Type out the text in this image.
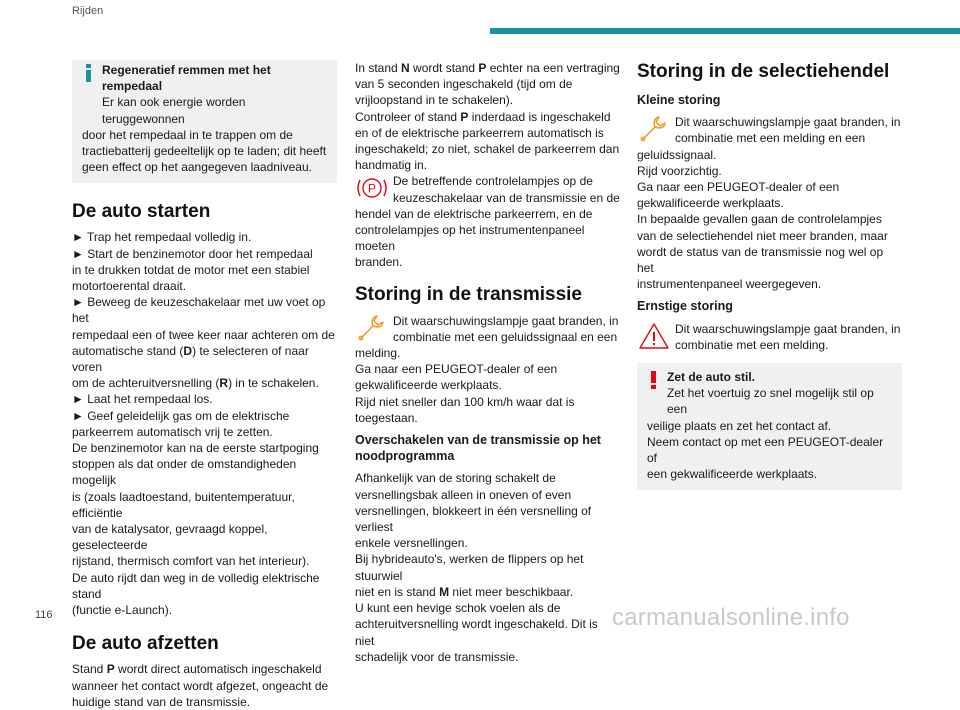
Rijden

Regeneratief remmen met het rempedaal

Er kan ook energie worden teruggewonnen

door het rempedaal in te trappen om de

tractiebatterij gedeeltelijk op te laden; dit heeft

geen effect op het aangegeven laadniveau.

De auto starten

► Trap het rempedaal volledig in.

► Start de benzinemotor door het rempedaal

in te drukken totdat de motor met een stabiel

motortoerental draait.

► Beweeg de keuzeschakelaar met uw voet op het

rempedaal een of twee keer naar achteren om de

automatische stand (D) te selecteren of naar voren

om de achteruitversnelling (R) in te schakelen.

► Laat het rempedaal los.

► Geef geleidelijk gas om de elektrische

parkeerrem automatisch vrij te zetten.

De benzinemotor kan na de eerste startpoging

stoppen als dat onder de omstandigheden mogelijk

is (zoals laadtoestand, buitentemperatuur, efficiëntie

van de katalysator, gevraagd koppel, geselecteerde

rijstand, thermisch comfort van het interieur).

De auto rijdt dan weg in de volledig elektrische stand

(functie e-Launch).

De auto afzetten

Stand P wordt direct automatisch ingeschakeld

wanneer het contact wordt afgezet, ongeacht de

huidige stand van de transmissie.

In stand N wordt stand P echter na een vertraging

van 5 seconden ingeschakeld (tijd om de

vrijloopstand in te schakelen).

Controleer of stand P inderdaad is ingeschakeld

en of de elektrische parkeerrem automatisch is

ingeschakeld; zo niet, schakel de parkeerrem dan

handmatig in.

P

De betreffende controlelampjes op de

keuzeschakelaar van de transmissie en de

hendel van de elektrische parkeerrem, en de

controlelampjes op het instrumentenpaneel moeten

branden.

Storing in de transmissie

Dit waarschuwingslampje gaat branden, in

combinatie met een geluidssignaal en een

melding.

Ga naar een PEUGEOT-dealer of een

gekwalificeerde werkplaats.

Rijd niet sneller dan 100 km/h waar dat is

toegestaan.

Overschakelen van de transmissie op het

noodprogramma

Afhankelijk van de storing schakelt de

versnellingsbak alleen in oneven of even

versnellingen, blokkeert in één versnelling of verliest

enkele versnellingen.

Bij hybrideauto's, werken de flippers op het stuurwiel

niet en is stand M niet meer beschikbaar.

U kunt een hevige schok voelen als de

achteruitversnelling wordt ingeschakeld. Dit is niet

schadelijk voor de transmissie.

Storing in de selectiehendel

Kleine storing

Dit waarschuwingslampje gaat branden, in

combinatie met een melding en een

geluidssignaal.

Rijd voorzichtig.

Ga naar een PEUGEOT-dealer of een

gekwalificeerde werkplaats.

In bepaalde gevallen gaan de controlelampjes

van de selectiehendel niet meer branden, maar

wordt de status van de transmissie nog wel op het

instrumentenpaneel weergegeven.

Ernstige storing

Dit waarschuwingslampje gaat branden, in

combinatie met een melding.

Zet de auto stil.

Zet het voertuig zo snel mogelijk stil op een

veilige plaats en zet het contact af.

Neem contact op met een PEUGEOT-dealer of

een gekwalificeerde werkplaats.

116	carmanualsonline.info
